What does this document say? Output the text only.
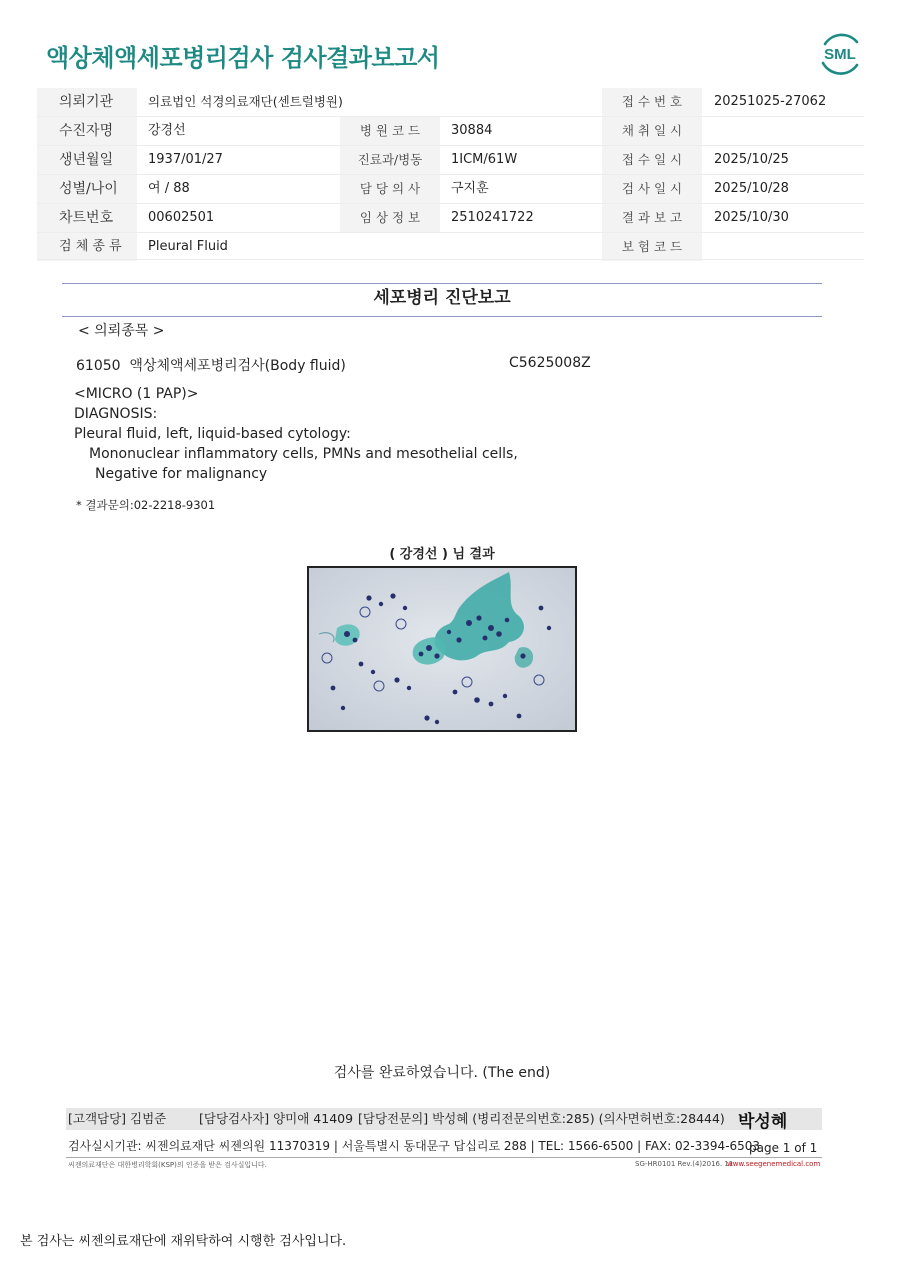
액상체액세포병리검사 검사결과보고서	SML
의뢰기관	의료법인 석경의료재단(센트럴병원)	접 수 번 호	20251025-27062
수진자명	강경선	병 원 코 드	30884	채 취 일 시
생년월일	1937/01/27	진료과/병동	1ICM/61W	접 수 일 시	2025/10/25
성별/나이	여 / 88	담 당 의 사	구지훈	검 사 일 시	2025/10/28
차트번호	00602501	임 상 정 보	2510241722	결 과 보 고	2025/10/30
검 체 종 류	Pleural Fluid	보 험 코 드
세포병리 진단보고
< 의뢰종목 >
61050  액상체액세포병리검사(Body fluid)	C5625008Z
<MICRO (1 PAP)>
DIAGNOSIS:
Pleural fluid, left, liquid-based cytology:
Mononuclear inflammatory cells, PMNs and mesothelial cells,
Negative for malignancy
* 결과문의:02-2218-9301
( 강경선 ) 님 결과
검사를 완료하였습니다. (The end)
[고객담당] 김범준	[담당검사자] 양미애 41409 [담당전문의] 박성혜 (병리전문의번호:285) (의사면허번호:28444) 박성혜
검사실시기관: 씨젠의료재단 씨젠의원 11370319 | 서울특별시 동대문구 답십리로 288 | TEL: 1566-6500 | FAX: 02-3394-6503
page 1 of 1
씨젠의료재단은 대한병리학회(KSP)의 인증을 받은 검사실입니다.	SG-HR0101 Rev.(4)2016. 11
www.seegenemedical.com
본 검사는 씨젠의료재단에 재위탁하여 시행한 검사입니다.
